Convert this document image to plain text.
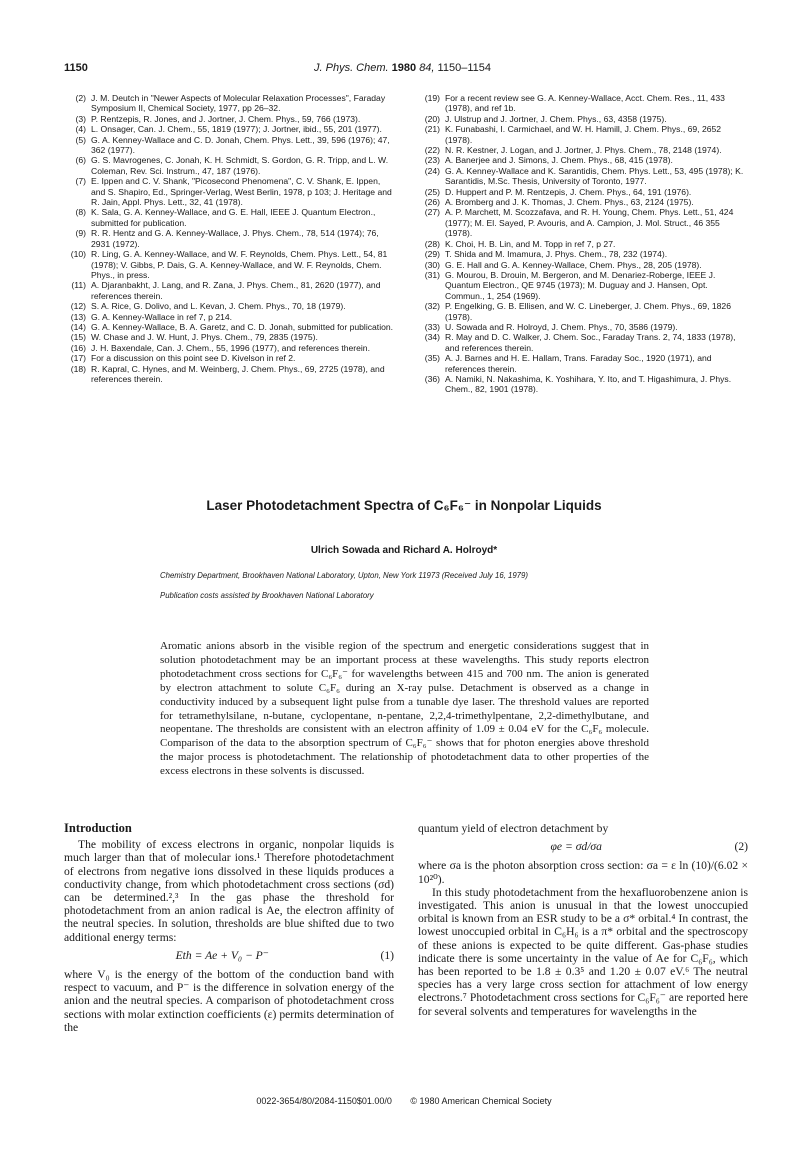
1150	J. Phys. Chem. 1980 84, 1150–1154
(2) J. M. Deutch in "Newer Aspects of Molecular Relaxation Processes", Faraday Symposium II, Chemical Society, 1977, pp 26–32.
(3) P. Rentzepis, R. Jones, and J. Jortner, J. Chem. Phys., 59, 766 (1973).
(4) L. Onsager, Can. J. Chem., 55, 1819 (1977); J. Jortner, ibid., 55, 201 (1977).
(5) G. A. Kenney-Wallace and C. D. Jonah, Chem. Phys. Lett., 39, 596 (1976); 47, 362 (1977).
(6) G. S. Mavrogenes, C. Jonah, K. H. Schmidt, S. Gordon, G. R. Tripp, and L. W. Coleman, Rev. Sci. Instrum., 47, 187 (1976).
(7) E. Ippen and C. V. Shank, "Picosecond Phenomena", C. V. Shank, E. Ippen, and S. Shapiro, Ed., Springer-Verlag, West Berlin, 1978, p 103; J. Heritage and R. Jain, Appl. Phys. Lett., 32, 41 (1978).
(8) K. Sala, G. A. Kenney-Wallace, and G. E. Hall, IEEE J. Quantum Electron., submitted for publication.
(9) R. R. Hentz and G. A. Kenney-Wallace, J. Phys. Chem., 78, 514 (1974); 76, 2931 (1972).
(10) R. Ling, G. A. Kenney-Wallace, and W. F. Reynolds, Chem. Phys. Lett., 54, 81 (1978); V. Gibbs, P. Dais, G. A. Kenney-Wallace, and W. F. Reynolds, Chem. Phys., in press.
(11) A. Djaranbakht, J. Lang, and R. Zana, J. Phys. Chem., 81, 2620 (1977), and references therein.
(12) S. A. Rice, G. Dolivo, and L. Kevan, J. Chem. Phys., 70, 18 (1979).
(13) G. A. Kenney-Wallace in ref 7, p 214.
(14) G. A. Kenney-Wallace, B. A. Garetz, and C. D. Jonah, submitted for publication.
(15) W. Chase and J. W. Hunt, J. Phys. Chem., 79, 2835 (1975).
(16) J. H. Baxendale, Can. J. Chem., 55, 1996 (1977), and references therein.
(17) For a discussion on this point see D. Kivelson in ref 2.
(18) R. Kapral, C. Hynes, and M. Weinberg, J. Chem. Phys., 69, 2725 (1978), and references therein.
(19) For a recent review see G. A. Kenney-Wallace, Acct. Chem. Res., 11, 433 (1978), and ref 1b.
(20) J. Ulstrup and J. Jortner, J. Chem. Phys., 63, 4358 (1975).
(21) K. Funabashi, I. Carmichael, and W. H. Hamill, J. Chem. Phys., 69, 2652 (1978).
(22) N. R. Kestner, J. Logan, and J. Jortner, J. Phys. Chem., 78, 2148 (1974).
(23) A. Banerjee and J. Simons, J. Chem. Phys., 68, 415 (1978).
(24) G. A. Kenney-Wallace and K. Sarantidis, Chem. Phys. Lett., 53, 495 (1978); K. Sarantidis, M.Sc. Thesis, University of Toronto, 1977.
(25) D. Huppert and P. M. Rentzepis, J. Chem. Phys., 64, 191 (1976).
(26) A. Bromberg and J. K. Thomas, J. Chem. Phys., 63, 2124 (1975).
(27) A. P. Marchett, M. Scozzafava, and R. H. Young, Chem. Phys. Lett., 51, 424 (1977); M. El. Sayed, P. Avouris, and A. Campion, J. Mol. Struct., 46 355 (1978).
(28) K. Choi, H. B. Lin, and M. Topp in ref 7, p 27.
(29) T. Shida and M. Imamura, J. Phys. Chem., 78, 232 (1974).
(30) G. E. Hall and G. A. Kenney-Wallace, Chem. Phys., 28, 205 (1978).
(31) G. Mourou, B. Drouin, M. Bergeron, and M. Denariez-Roberge, IEEE J. Quantum Electron., QE 9745 (1973); M. Duguay and J. Hansen, Opt. Commun., 1, 254 (1969).
(32) P. Engelking, G. B. Ellisen, and W. C. Lineberger, J. Chem. Phys., 69, 1826 (1978).
(33) U. Sowada and R. Holroyd, J. Chem. Phys., 70, 3586 (1979).
(34) R. May and D. C. Walker, J. Chem. Soc., Faraday Trans. 2, 74, 1833 (1978), and references therein.
(35) A. J. Barnes and H. E. Hallam, Trans. Faraday Soc., 1920 (1971), and references therein.
(36) A. Namiki, N. Nakashima, K. Yoshihara, Y. Ito, and T. Higashimura, J. Phys. Chem., 82, 1901 (1978).
Laser Photodetachment Spectra of C₆F₆⁻ in Nonpolar Liquids
Ulrich Sowada and Richard A. Holroyd*
Chemistry Department, Brookhaven National Laboratory, Upton, New York 11973 (Received July 16, 1979)
Publication costs assisted by Brookhaven National Laboratory
Aromatic anions absorb in the visible region of the spectrum and energetic considerations suggest that in solution photodetachment may be an important process at these wavelengths. This study reports electron photodetachment cross sections for C₆F₆⁻ for wavelengths between 415 and 700 nm. The anion is generated by electron attachment to solute C₆F₆ during an X-ray pulse. Detachment is observed as a change in conductivity induced by a subsequent light pulse from a tunable dye laser. The threshold values are reported for tetramethylsilane, n-butane, cyclopentane, n-pentane, 2,2,4-trimethylpentane, 2,2-dimethylbutane, and neopentane. The thresholds are consistent with an electron affinity of 1.09 ± 0.04 eV for the C₆F₆ molecule. Comparison of the data to the absorption spectrum of C₆F₆⁻ shows that for photon energies above threshold the major process is photodetachment. The relationship of photodetachment data to other properties of the excess electrons in these solvents is discussed.
Introduction

The mobility of excess electrons in organic, nonpolar liquids is much larger than that of molecular ions.¹ Therefore photodetachment of electrons from negative ions dissolved in these liquids produces a conductivity change, from which photodetachment cross sections (σd) can be determined.²,³ In the gas phase the threshold for photodetachment from an anion radical is Ae, the electron affinity of the neutral species. In solution, thresholds are blue shifted due to two additional energy terms:

Eth = Ae + V₀ − P⁻	(1)

where V₀ is the energy of the bottom of the conduction band with respect to vacuum, and P⁻ is the difference in solvation energy of the anion and the neutral species. A comparison of photodetachment cross sections with molar extinction coefficients (ε) permits determination of the

quantum yield of electron detachment by

φe = σd/σa	(2)

where σa is the photon absorption cross section: σa = ε ln (10)/(6.02 × 10²⁰).

In this study photodetachment from the hexafluorobenzene anion is investigated. This anion is unusual in that the lowest unoccupied orbital is known from an ESR study to be a σ* orbital.⁴ In contrast, the lowest unoccupied orbital in C₆H₆ is a π* orbital and the spectroscopy of these anions is expected to be quite different. Gas-phase studies indicate there is some uncertainty in the value of Ae for C₆F₆, which has been reported to be 1.8 ± 0.3⁵ and 1.20 ± 0.07 eV.⁶ The neutral species has a very large cross section for attachment of low energy electrons.⁷ Photodetachment cross sections for C₆F₆⁻ are reported here for several solvents and temperatures for wavelengths in the

0022-3654/80/2084-1150$01.00/0 © 1980 American Chemical Society
